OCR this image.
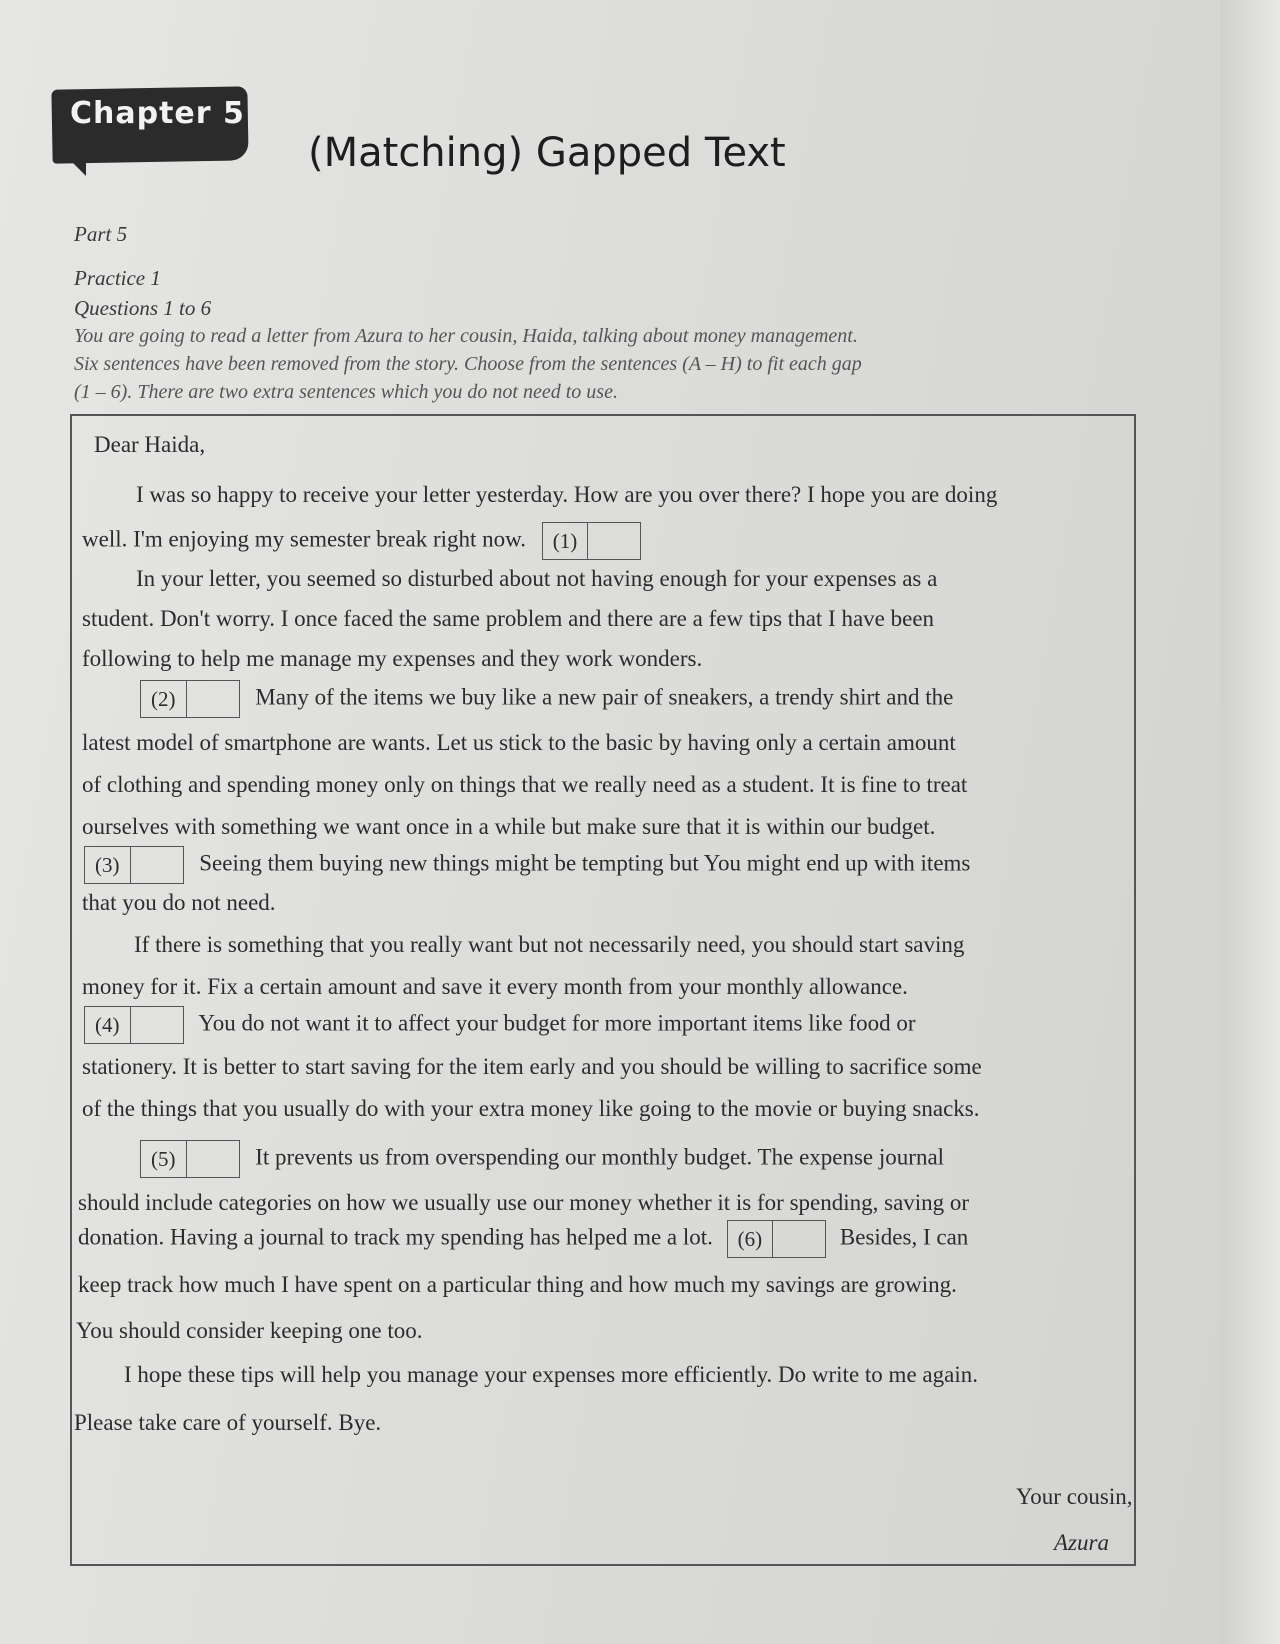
Chapter 5
(Matching) Gapped Text
Part 5
Practice 1
Questions 1 to 6
You are going to read a letter from Azura to her cousin, Haida, talking about money management.
Six sentences have been removed from the story. Choose from the sentences (A – H) to fit each gap
(1 – 6). There are two extra sentences which you do not need to use.
Dear Haida,
I was so happy to receive your letter yesterday. How are you over there? I hope you are doing
well. I'm enjoying my semester break right now.	(1)
In your letter, you seemed so disturbed about not having enough for your expenses as a
student. Don't worry. I once faced the same problem and there are a few tips that I have been
following to help me manage my expenses and they work wonders.
(2)	Many of the items we buy like a new pair of sneakers, a trendy shirt and the
latest model of smartphone are wants. Let us stick to the basic by having only a certain amount
of clothing and spending money only on things that we really need as a student. It is fine to treat
ourselves with something we want once in a while but make sure that it is within our budget.
(3)	Seeing them buying new things might be tempting but You might end up with items
that you do not need.
If there is something that you really want but not necessarily need, you should start saving
money for it. Fix a certain amount and save it every month from your monthly allowance.
(4)	You do not want it to affect your budget for more important items like food or
stationery. It is better to start saving for the item early and you should be willing to sacrifice some
of the things that you usually do with your extra money like going to the movie or buying snacks.
(5)	It prevents us from overspending our monthly budget. The expense journal
should include categories on how we usually use our money whether it is for spending, saving or
donation. Having a journal to track my spending has helped me a lot.	(6)	Besides, I can
keep track how much I have spent on a particular thing and how much my savings are growing.
You should consider keeping one too.
I hope these tips will help you manage your expenses more efficiently. Do write to me again.
Please take care of yourself. Bye.
Your cousin,
Azura
